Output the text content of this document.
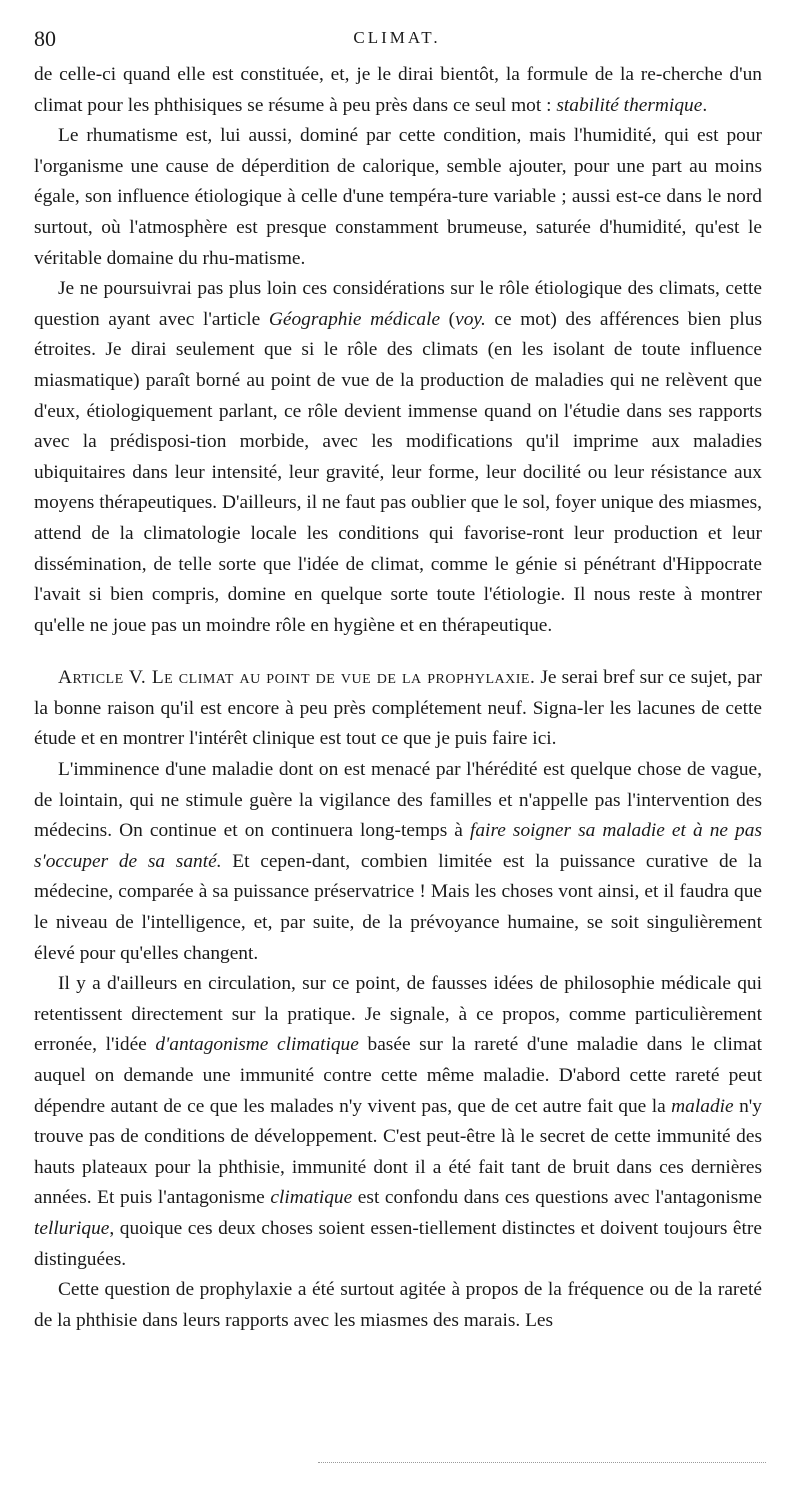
80	CLIMAT.

de celle-ci quand elle est constituée, et, je le dirai bientôt, la formule de la re-cherche d'un climat pour les phthisiques se résume à peu près dans ce seul mot : stabilité thermique.

Le rhumatisme est, lui aussi, dominé par cette condition, mais l'humidité, qui est pour l'organisme une cause de déperdition de calorique, semble ajouter, pour une part au moins égale, son influence étiologique à celle d'une tempéra-ture variable ; aussi est-ce dans le nord surtout, où l'atmosphère est presque constamment brumeuse, saturée d'humidité, qu'est le véritable domaine du rhu-matisme.

Je ne poursuivrai pas plus loin ces considérations sur le rôle étiologique des climats, cette question ayant avec l'article Géographie médicale (voy. ce mot) des afférences bien plus étroites. Je dirai seulement que si le rôle des climats (en les isolant de toute influence miasmatique) paraît borné au point de vue de la production de maladies qui ne relèvent que d'eux, étiologiquement parlant, ce rôle devient immense quand on l'étudie dans ses rapports avec la prédisposi-tion morbide, avec les modifications qu'il imprime aux maladies ubiquitaires dans leur intensité, leur gravité, leur forme, leur docilité ou leur résistance aux moyens thérapeutiques. D'ailleurs, il ne faut pas oublier que le sol, foyer unique des miasmes, attend de la climatologie locale les conditions qui favorise-ront leur production et leur dissémination, de telle sorte que l'idée de climat, comme le génie si pénétrant d'Hippocrate l'avait si bien compris, domine en quelque sorte toute l'étiologie. Il nous reste à montrer qu'elle ne joue pas un moindre rôle en hygiène et en thérapeutique.

Article V. Le climat au point de vue de la prophylaxie. Je serai bref sur ce sujet, par la bonne raison qu'il est encore à peu près complétement neuf. Signa-ler les lacunes de cette étude et en montrer l'intérêt clinique est tout ce que je puis faire ici.

L'imminence d'une maladie dont on est menacé par l'hérédité est quelque chose de vague, de lointain, qui ne stimule guère la vigilance des familles et n'appelle pas l'intervention des médecins. On continue et on continuera long-temps à faire soigner sa maladie et à ne pas s'occuper de sa santé. Et cepen-dant, combien limitée est la puissance curative de la médecine, comparée à sa puissance préservatrice ! Mais les choses vont ainsi, et il faudra que le niveau de l'intelligence, et, par suite, de la prévoyance humaine, se soit singulièrement élevé pour qu'elles changent.

Il y a d'ailleurs en circulation, sur ce point, de fausses idées de philosophie médicale qui retentissent directement sur la pratique. Je signale, à ce propos, comme particulièrement erronée, l'idée d'antagonisme climatique basée sur la rareté d'une maladie dans le climat auquel on demande une immunité contre cette même maladie. D'abord cette rareté peut dépendre autant de ce que les malades n'y vivent pas, que de cet autre fait que la maladie n'y trouve pas de conditions de développement. C'est peut-être là le secret de cette immunité des hauts plateaux pour la phthisie, immunité dont il a été fait tant de bruit dans ces dernières années. Et puis l'antagonisme climatique est confondu dans ces questions avec l'antagonisme tellurique, quoique ces deux choses soient essen-tiellement distinctes et doivent toujours être distinguées.

Cette question de prophylaxie a été surtout agitée à propos de la fréquence ou de la rareté de la phthisie dans leurs rapports avec les miasmes des marais. Les
